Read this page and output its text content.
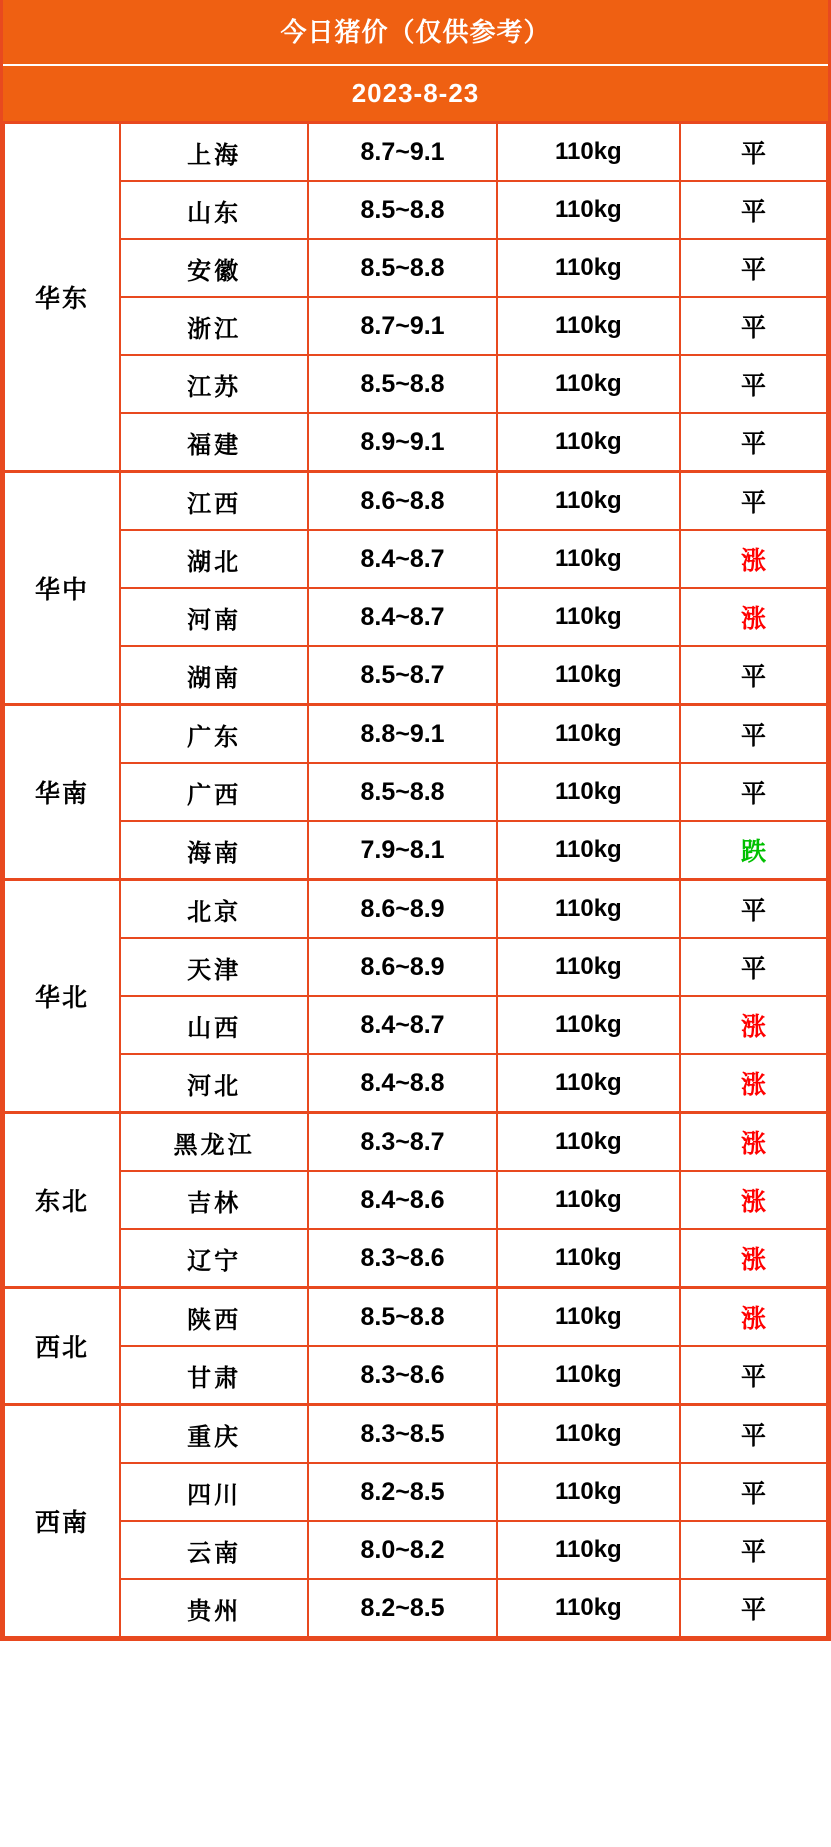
今日猪价（仅供参考）
2023-8-23
华东	上海	8.7~9.1	110kg	平
	山东	8.5~8.8	110kg	平
	安徽	8.5~8.8	110kg	平
	浙江	8.7~9.1	110kg	平
	江苏	8.5~8.8	110kg	平
	福建	8.9~9.1	110kg	平
华中	江西	8.6~8.8	110kg	平
	湖北	8.4~8.7	110kg	涨
	河南	8.4~8.7	110kg	涨
	湖南	8.5~8.7	110kg	平
华南	广东	8.8~9.1	110kg	平
	广西	8.5~8.8	110kg	平
	海南	7.9~8.1	110kg	跌
华北	北京	8.6~8.9	110kg	平
	天津	8.6~8.9	110kg	平
	山西	8.4~8.7	110kg	涨
	河北	8.4~8.8	110kg	涨
东北	黑龙江	8.3~8.7	110kg	涨
	吉林	8.4~8.6	110kg	涨
	辽宁	8.3~8.6	110kg	涨
西北	陕西	8.5~8.8	110kg	涨
	甘肃	8.3~8.6	110kg	平
西南	重庆	8.3~8.5	110kg	平
	四川	8.2~8.5	110kg	平
	云南	8.0~8.2	110kg	平
	贵州	8.2~8.5	110kg	平
